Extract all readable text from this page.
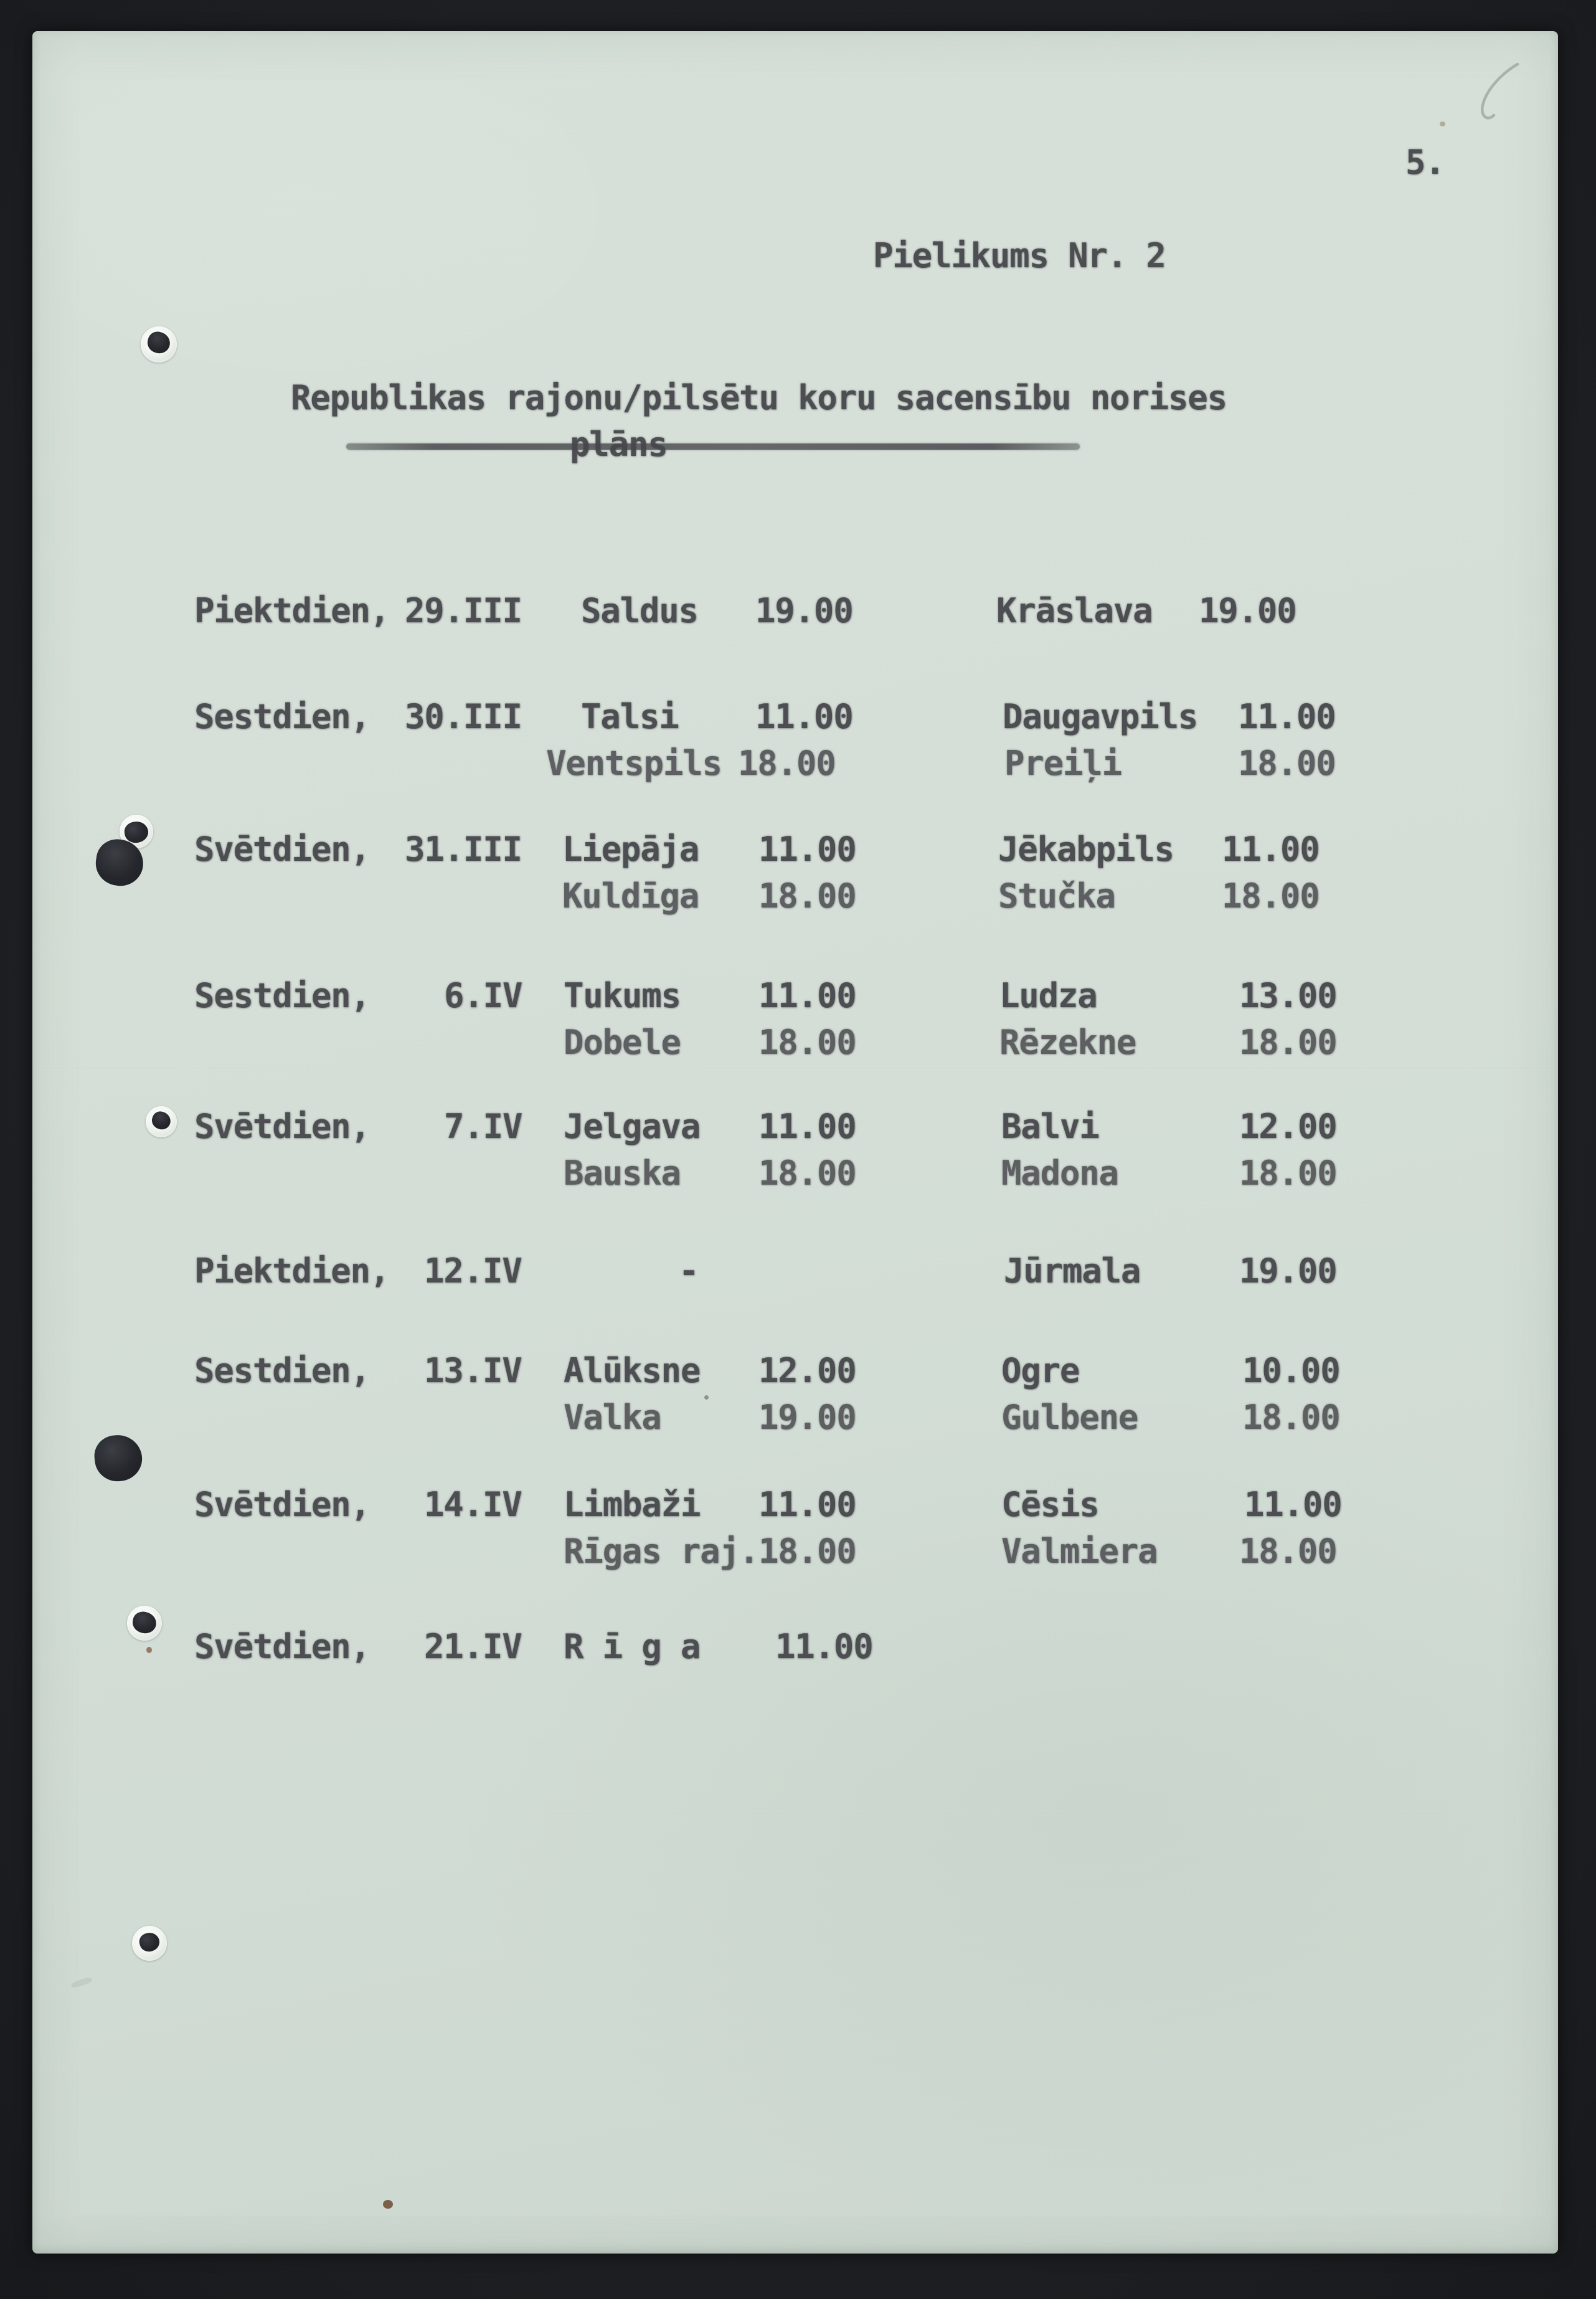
5.
Pielikums Nr. 2
Republikas rajonu/pilsētu koru sacensību norises
Piektdien, 29.III Saldus 19.00	Krāslava 19.00
Sestdien, 30.III Talsi 11.00	Daugavpils 11.00
Ventspils 18.00	Preiļi	18.00
Svētdien, 31.III Liepāja 11.00	Jēkabpils 11.00
Kuldīga 18.00	Stučka	18.00
Sestdien, 6.IV Tukums 11.00	Ludza	13.00
Dobele 18.00	Rēzekne	18.00
Svētdien, 7.IV Jelgava 11.00	Balvi	12.00
Bauska 18.00	Madona	18.00
Piektdien, 12.IV	-	Jūrmala	19.00
Sestdien, 13.IV Alūksne 12.00	Ogre	10.00
Valka	19.00	Gulbene	18.00
Svētdien, 14.IV Limbaži 11.00	Cēsis	11.00
Rīgas raj. 18.00	Valmiera 18.00
Svētdien, 21.IV R ī g a 11.00
